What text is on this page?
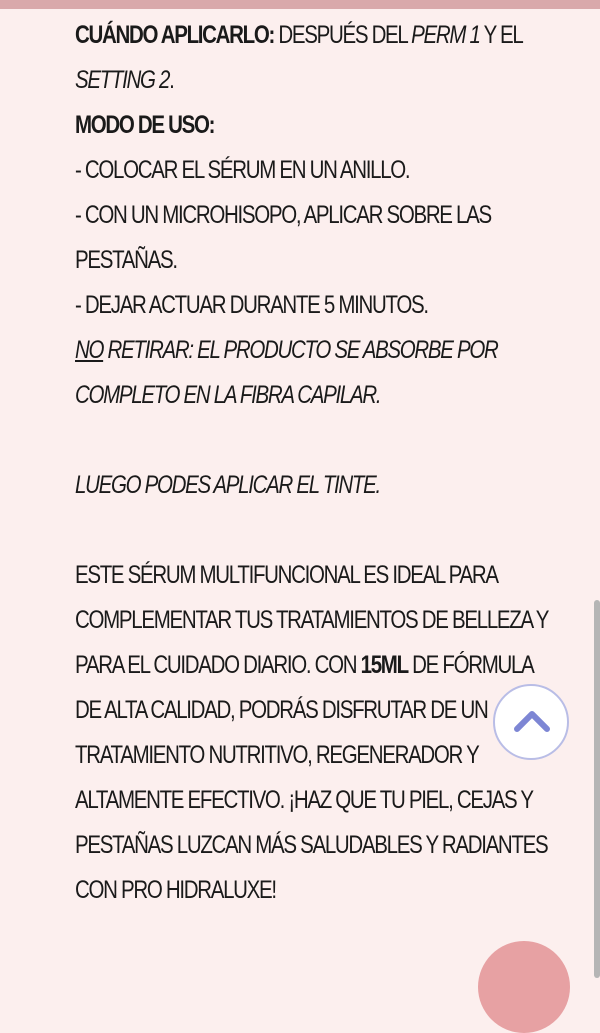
CUÁNDO APLICARLO: DESPUÉS DEL PERM 1 Y EL
SETTING 2.
MODO DE USO:
- COLOCAR EL SÉRUM EN UN ANILLO.
- CON UN MICROHISOPO, APLICAR SOBRE LAS
PESTAÑAS.
- DEJAR ACTUAR DURANTE 5 MINUTOS.
NO RETIRAR: EL PRODUCTO SE ABSORBE POR
COMPLETO EN LA FIBRA CAPILAR.
LUEGO PODES APLICAR EL TINTE.
ESTE SÉRUM MULTIFUNCIONAL ES IDEAL PARA
COMPLEMENTAR TUS TRATAMIENTOS DE BELLEZA Y
PARA EL CUIDADO DIARIO. CON 15ML DE FÓRMULA
DE ALTA CALIDAD, PODRÁS DISFRUTAR DE UN
TRATAMIENTO NUTRITIVO, REGENERADOR Y
ALTAMENTE EFECTIVO. ¡HAZ QUE TU PIEL, CEJAS Y
PESTAÑAS LUZCAN MÁS SALUDABLES Y RADIANTES
CON PRO HIDRALUXE!
